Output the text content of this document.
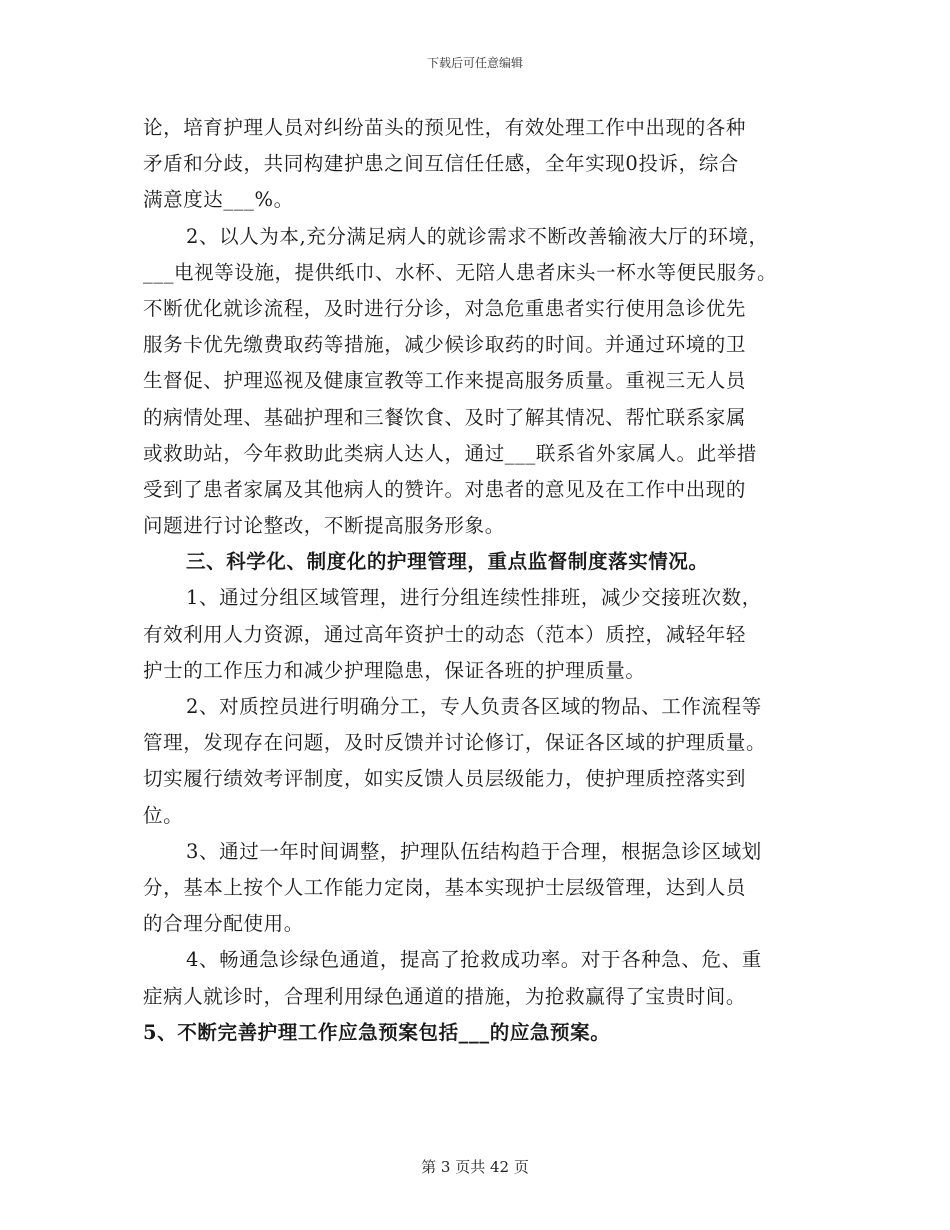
下载后可任意编辑
论，培育护理人员对纠纷苗头的预见性，有效处理工作中出现的各种
矛盾和分歧，共同构建护患之间互信任任感，全年实现0投诉，综合
满意度达___%。
2、以人为本,充分满足病人的就诊需求不断改善输液大厅的环境，
___电视等设施，提供纸巾、水杯、无陪人患者床头一杯水等便民服务。
不断优化就诊流程，及时进行分诊，对急危重患者实行使用急诊优先
服务卡优先缴费取药等措施，减少候诊取药的时间。并通过环境的卫
生督促、护理巡视及健康宣教等工作来提高服务质量。重视三无人员
的病情处理、基础护理和三餐饮食、及时了解其情况、帮忙联系家属
或救助站，今年救助此类病人达人，通过___联系省外家属人。此举措
受到了患者家属及其他病人的赞许。对患者的意见及在工作中出现的
问题进行讨论整改，不断提高服务形象。
三、科学化、制度化的护理管理，重点监督制度落实情况。
1、通过分组区域管理，进行分组连续性排班，减少交接班次数，
有效利用人力资源，通过高年资护士的动态（范本）质控，减轻年轻
护士的工作压力和减少护理隐患，保证各班的护理质量。
2、对质控员进行明确分工，专人负责各区域的物品、工作流程等
管理，发现存在问题，及时反馈并讨论修订，保证各区域的护理质量。
切实履行绩效考评制度，如实反馈人员层级能力，使护理质控落实到
位。
3、通过一年时间调整，护理队伍结构趋于合理，根据急诊区域划
分，基本上按个人工作能力定岗，基本实现护士层级管理，达到人员
的合理分配使用。
4、畅通急诊绿色通道，提高了抢救成功率。对于各种急、危、重
症病人就诊时，合理利用绿色通道的措施，为抢救赢得了宝贵时间。
5、不断完善护理工作应急预案包括___的应急预案。
第 3 页共 42 页
